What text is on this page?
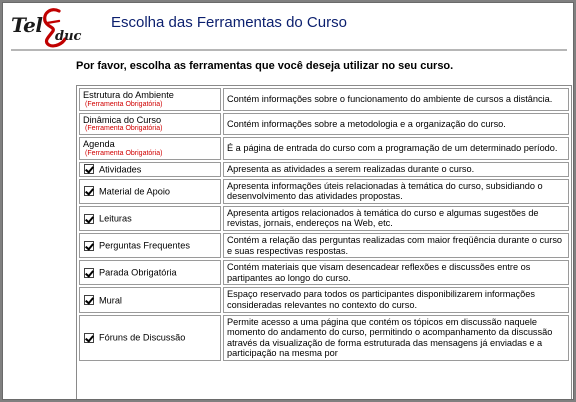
Tel duc
Escolha das Ferramentas do Curso
Por favor, escolha as ferramentas que você deseja utilizar no seu curso.
Estrutura do Ambiente
(Ferramenta Obrigatória)	Contém informações sobre o funcionamento do ambiente de cursos a distância.
Dinâmica do Curso
(Ferramenta Obrigatória)	Contém informações sobre a metodologia e a organização do curso.
Agenda
(Ferramenta Obrigatória)	É a página de entrada do curso com a programação de um determinado período.
Atividades	Apresenta as atividades a serem realizadas durante o curso.
Material de Apoio	Apresenta informações úteis relacionadas à temática do curso, subsidiando o desenvolvimento das atividades propostas.
Leituras	Apresenta artigos relacionados à temática do curso e algumas sugestões de revistas, jornais, endereços na Web, etc.
Perguntas Frequentes	Contém a relação das perguntas realizadas com maior freqüência durante o curso e suas respectivas respostas.
Parada Obrigatória	Contém materiais que visam desencadear reflexões e discussões entre os partipantes ao longo do curso.
Mural	Espaço reservado para todos os participantes disponibilizarem informações consideradas relevantes no contexto do curso.
Fóruns de Discussão	Permite acesso a uma página que contém os tópicos em discussão naquele momento do andamento do curso, permitindo o acompanhamento da discussão através da visualização de forma estruturada das mensagens já enviadas e a participação na mesma por
